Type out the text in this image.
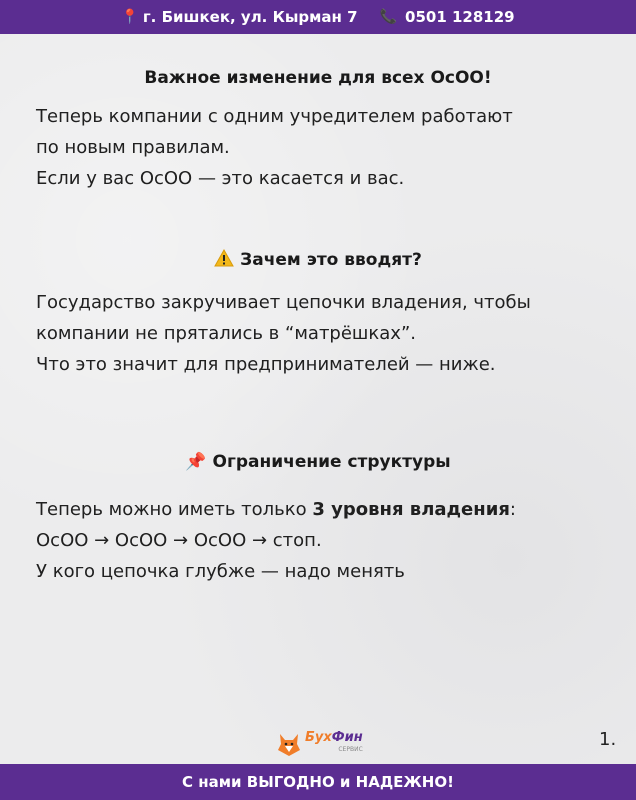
📍 г. Бишкек, ул. Кырман 7 📞 0501 128129
Важное изменение для всех ОсОО!

Теперь компании с одним учредителем работают

по новым правилам.

Если у вас ОсОО — это касается и вас.

Зачем это вводят?

Государство закручивает цепочки владения, чтобы

компании не прятались в “матрёшках”.

Что это значит для предпринимателей — ниже.

📌 Ограничение структуры

Теперь можно иметь только 3 уровня владения:

ОсОО → ОсОО → ОсОО → стоп.

У кого цепочка глубже — надо менять

БухФин
СЕРВИС	1.
С нами ВЫГОДНО и НАДЕЖНО!
